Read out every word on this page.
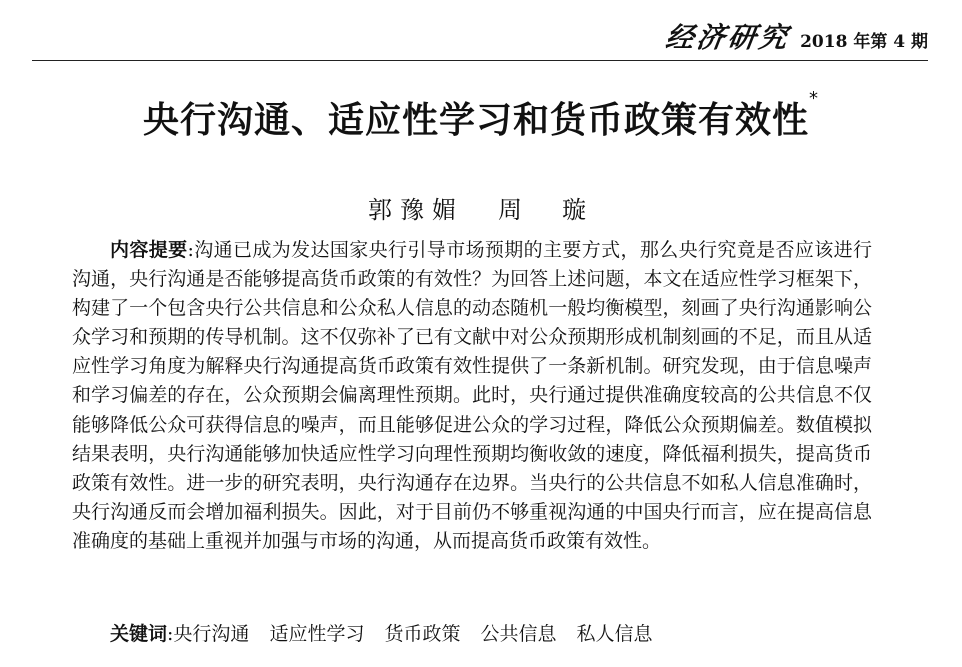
经济研究 2018 年第 4 期
央行沟通、适应性学习和货币政策有效性*
郭豫媚 周　璇

内容提要:沟通已成为发达国家央行引导市场预期的主要方式，那么央行究竟是否应该进行沟通，央行沟通是否能够提高货币政策的有效性？为回答上述问题，本文在适应性学习框架下，构建了一个包含央行公共信息和公众私人信息的动态随机一般均衡模型，刻画了央行沟通影响公众学习和预期的传导机制。这不仅弥补了已有文献中对公众预期形成机制刻画的不足，而且从适应性学习角度为解释央行沟通提高货币政策有效性提供了一条新机制。研究发现，由于信息噪声和学习偏差的存在，公众预期会偏离理性预期。此时，央行通过提供准确度较高的公共信息不仅能够降低公众可获得信息的噪声，而且能够促进公众的学习过程，降低公众预期偏差。数值模拟结果表明，央行沟通能够加快适应性学习向理性预期均衡收敛的速度，降低福利损失，提高货币政策有效性。进一步的研究表明，央行沟通存在边界。当央行的公共信息不如私人信息准确时，央行沟通反而会增加福利损失。因此，对于目前仍不够重视沟通的中国央行而言，应在提高信息准确度的基础上重视并加强与市场的沟通，从而提高货币政策有效性。

关键词:央行沟通 适应性学习 货币政策 公共信息 私人信息
